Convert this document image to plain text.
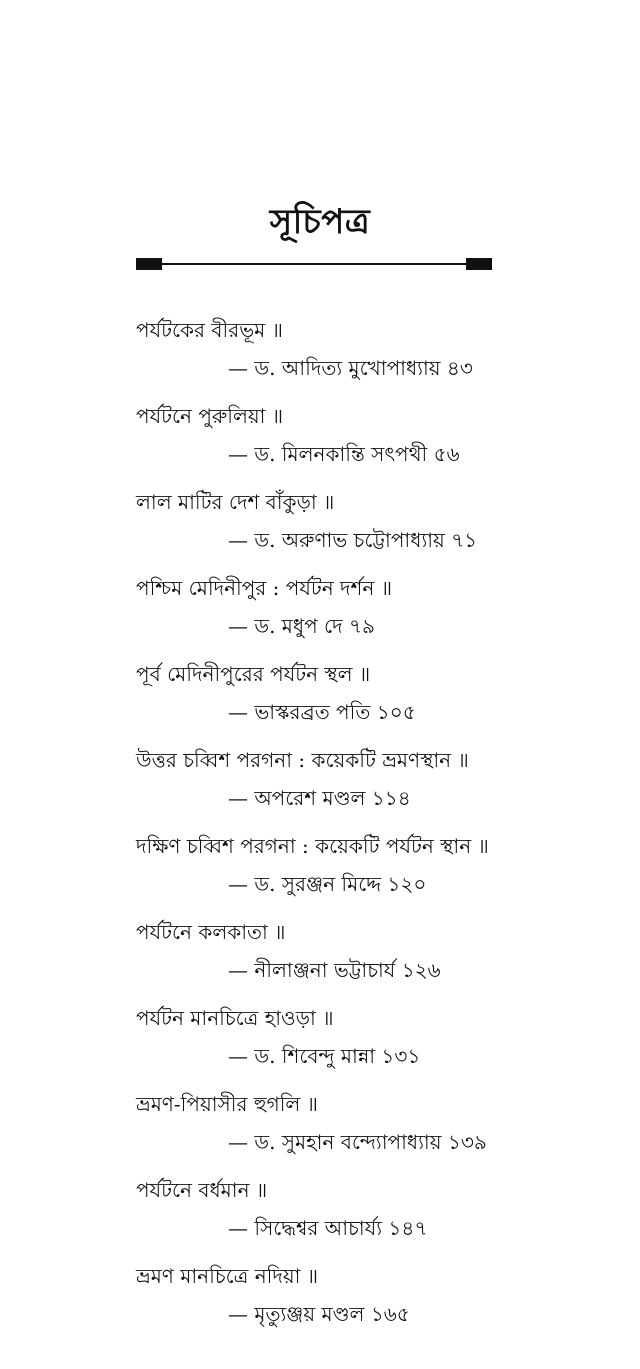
সূচিপত্র
পর্যটকের বীরভূম ॥
— ড. আদিত্য মুখোপাধ্যায় ৪৩
পর্যটনে পুরুলিয়া ॥
— ড. মিলনকান্তি সৎপথী ৫৬
লাল মাটির দেশ বাঁকুড়া ॥
— ড. অরুণাভ চট্টোপাধ্যায় ৭১
পশ্চিম মেদিনীপুর : পর্যটন দর্শন ॥
— ড. মধুপ দে ৭৯
পূর্ব মেদিনীপুরের পর্যটন স্থল ॥
— ভাস্করব্রত পতি ১০৫
উত্তর চব্বিশ পরগনা : কয়েকটি ভ্রমণস্থান ॥
— অপরেশ মণ্ডল ১১৪
দক্ষিণ চব্বিশ পরগনা : কয়েকটি পর্যটন স্থান ॥
— ড. সুরঞ্জন মিদ্দে ১২০
পর্যটনে কলকাতা ॥
— নীলাঞ্জনা ভট্টাচার্য ১২৬
পর্যটন মানচিত্রে হাওড়া ॥
— ড. শিবেন্দু মান্না ১৩১
ভ্রমণ-পিয়াসীর হুগলি ॥
— ড. সুমহান বন্দ্যোপাধ্যায় ১৩৯
পর্যটনে বর্ধমান ॥
— সিদ্ধেশ্বর আচার্য্য ১৪৭
ভ্রমণ মানচিত্রে নদিয়া ॥
— মৃত্যুঞ্জয় মণ্ডল ১৬৫
